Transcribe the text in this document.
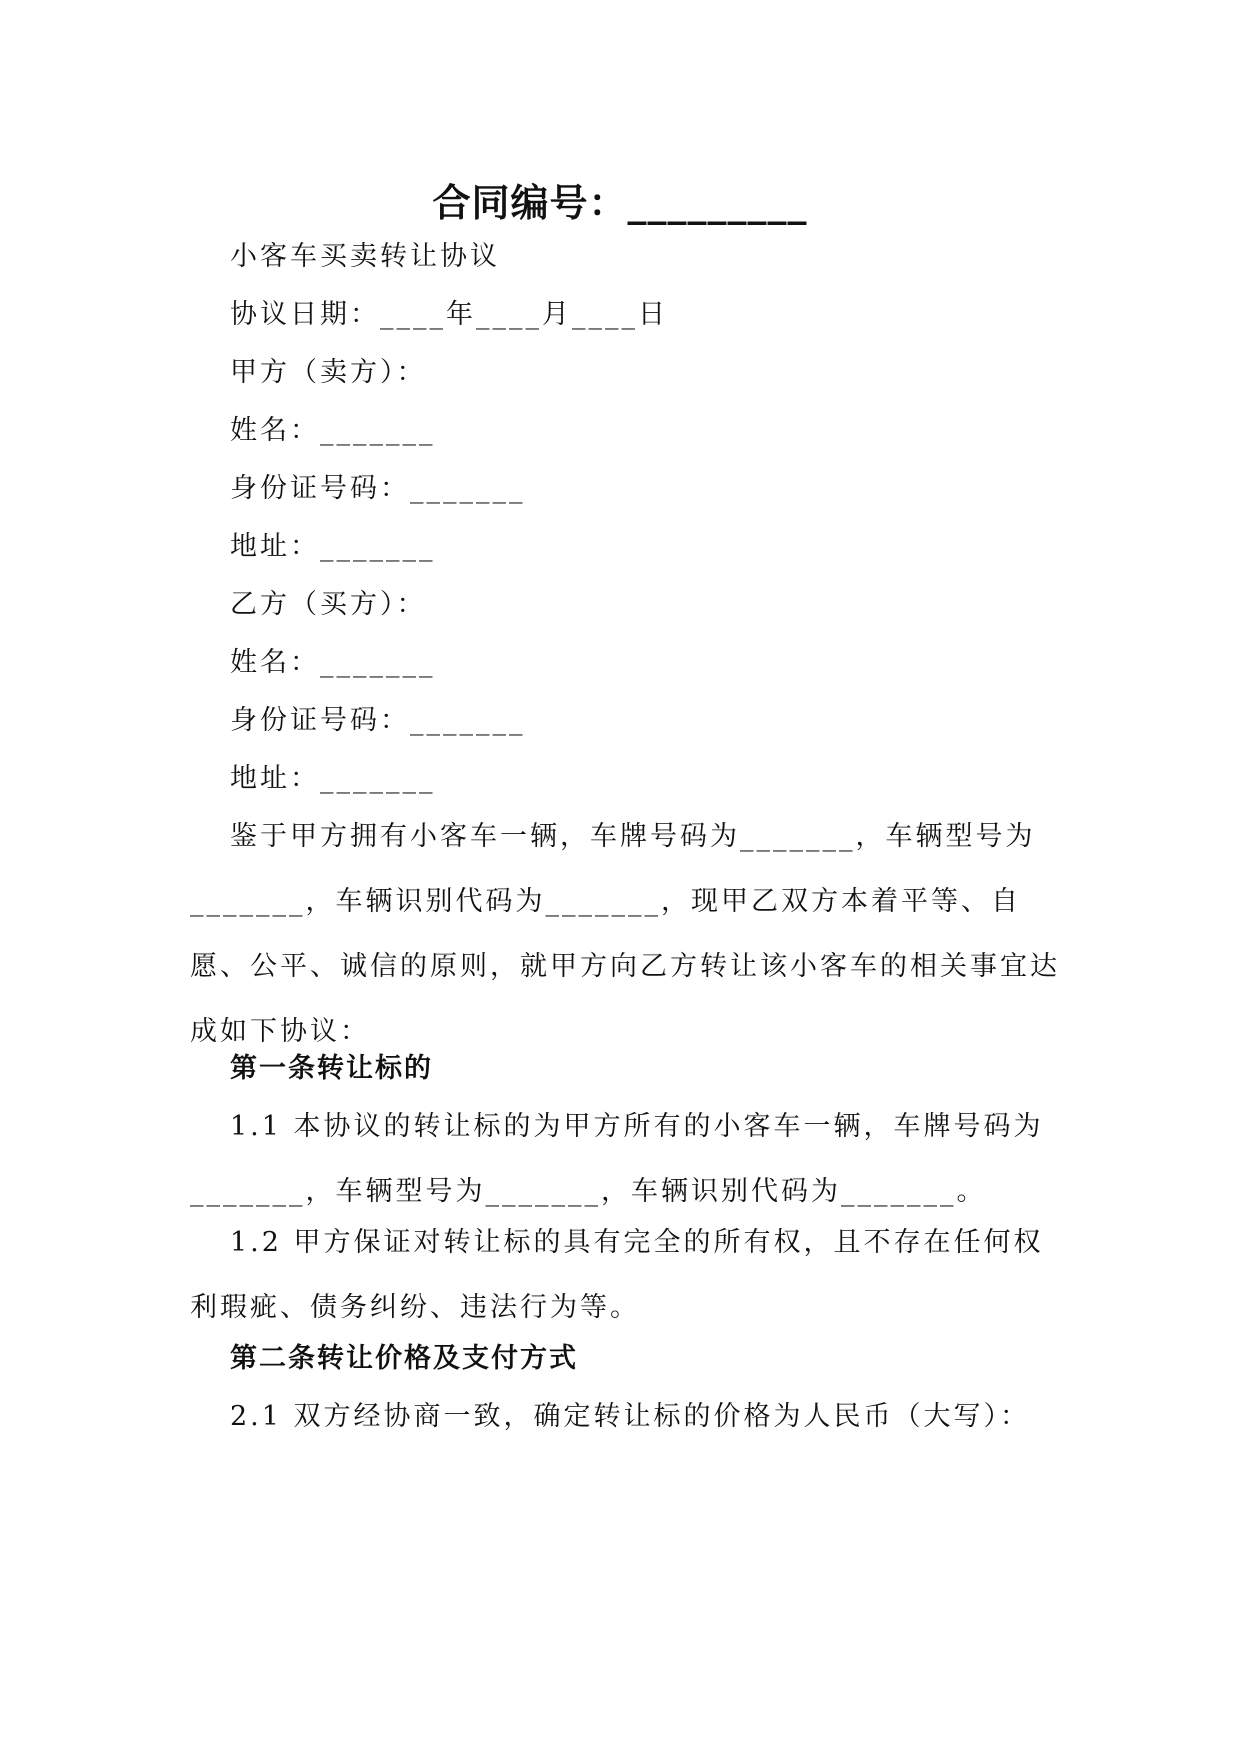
合同编号：_________

小客车买卖转让协议

协议日期：____年____月____日

甲方（卖方）：

姓名：_______

身份证号码：_______

地址：_______

乙方（买方）：

姓名：_______

身份证号码：_______

地址：_______

鉴于甲方拥有小客车一辆，车牌号码为_______，车辆型号为_______，车辆识别代码为_______，现甲乙双方本着平等、自愿、公平、诚信的原则，就甲方向乙方转让该小客车的相关事宜达成如下协议：

第一条转让标的

1.1 本协议的转让标的为甲方所有的小客车一辆，车牌号码为_______，车辆型号为_______，车辆识别代码为_______。

1.2 甲方保证对转让标的具有完全的所有权，且不存在任何权利瑕疵、债务纠纷、违法行为等。

第二条转让价格及支付方式

2.1 双方经协商一致，确定转让标的价格为人民币（大写）：
